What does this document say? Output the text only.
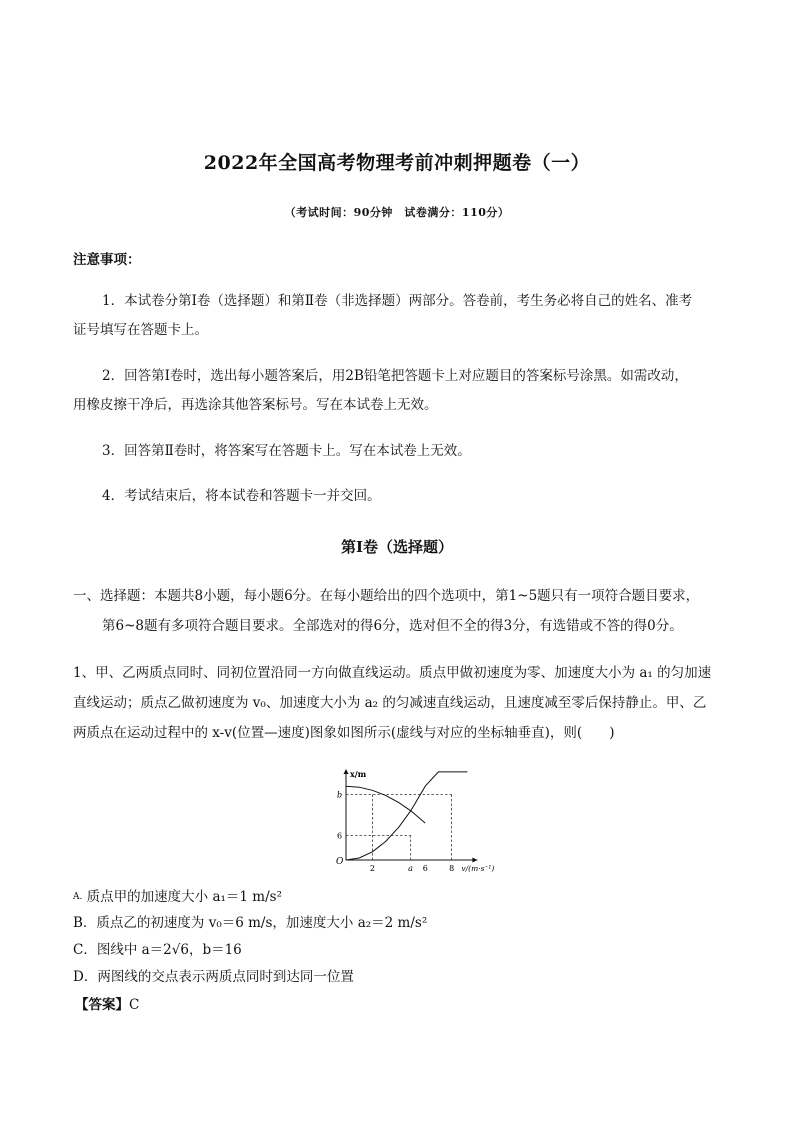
2022年全国高考物理考前冲刺押题卷（一）
（考试时间：90分钟　试卷满分：110分）
注意事项：
1．本试卷分第Ⅰ卷（选择题）和第Ⅱ卷（非选择题）两部分。答卷前，考生务必将自己的姓名、准考
证号填写在答题卡上。
2．回答第Ⅰ卷时，选出每小题答案后，用2B铅笔把答题卡上对应题目的答案标号涂黑。如需改动，
用橡皮擦干净后，再选涂其他答案标号。写在本试卷上无效。
3．回答第Ⅱ卷时，将答案写在答题卡上。写在本试卷上无效。
4．考试结束后，将本试卷和答题卡一并交回。
第Ⅰ卷（选择题）
一、选择题：本题共8小题，每小题6分。在每小题给出的四个选项中，第1~5题只有一项符合题目要求，
第6~8题有多项符合题目要求。全部选对的得6分，选对但不全的得3分，有选错或不答的得0分。
1、甲、乙两质点同时、同初位置沿同一方向做直线运动。质点甲做初速度为零、加速度大小为 a₁ 的匀加速
直线运动；质点乙做初速度为 v₀、加速度大小为 a₂ 的匀减速直线运动，且速度减至零后保持静止。甲、乙
两质点在运动过程中的 x-v(位置—速度)图象如图所示(虚线与对应的坐标轴垂直)，则(　　)
x/m
v/(m·s⁻¹)
O
2	a 6	8
6
b
A. 质点甲的加速度大小 a₁＝1 m/s²
B．质点乙的初速度为 v₀＝6 m/s，加速度大小 a₂＝2 m/s²
C．图线中 a＝2√6，b＝16
D．两图线的交点表示两质点同时到达同一位置
【答案】C
